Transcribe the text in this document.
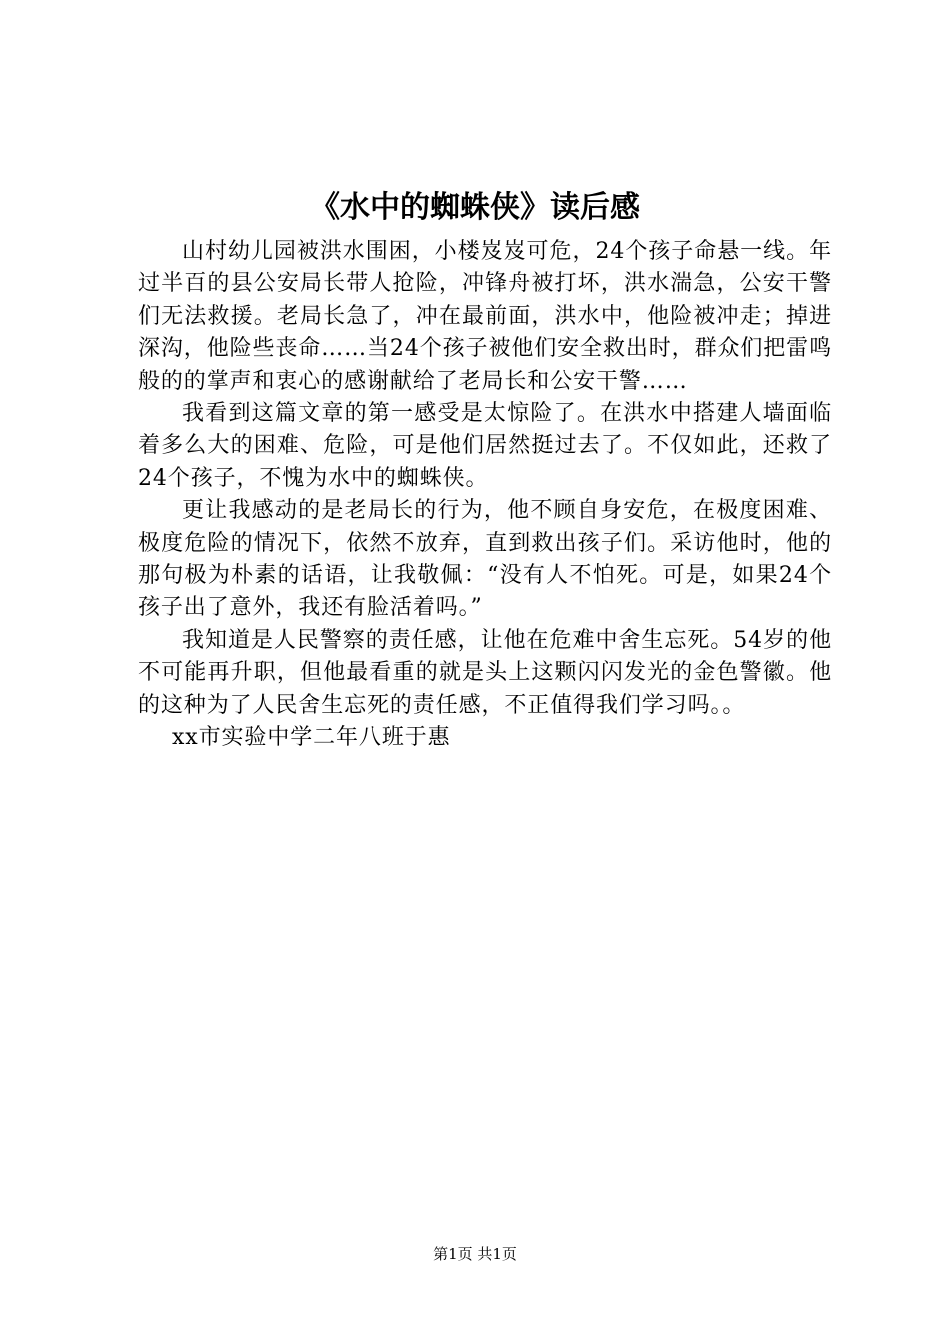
《水中的蜘蛛侠》读后感

山村幼儿园被洪水围困，小楼岌岌可危，24个孩子命悬一线。年过半百的县公安局长带人抢险，冲锋舟被打坏，洪水湍急，公安干警们无法救援。老局长急了，冲在最前面，洪水中，他险被冲走；掉进深沟，他险些丧命……当24个孩子被他们安全救出时，群众们把雷鸣般的的掌声和衷心的感谢献给了老局长和公安干警……

我看到这篇文章的第一感受是太惊险了。在洪水中搭建人墙面临着多么大的困难、危险，可是他们居然挺过去了。不仅如此，还救了24个孩子，不愧为水中的蜘蛛侠。

更让我感动的是老局长的行为，他不顾自身安危，在极度困难、极度危险的情况下，依然不放弃，直到救出孩子们。采访他时，他的那句极为朴素的话语，让我敬佩：“没有人不怕死。可是，如果24个孩子出了意外，我还有脸活着吗。”

我知道是人民警察的责任感，让他在危难中舍生忘死。54岁的他不可能再升职，但他最看重的就是头上这颗闪闪发光的金色警徽。他的这种为了人民舍生忘死的责任感，不正值得我们学习吗。。

xx市实验中学二年八班于惠

第1页 共1页
